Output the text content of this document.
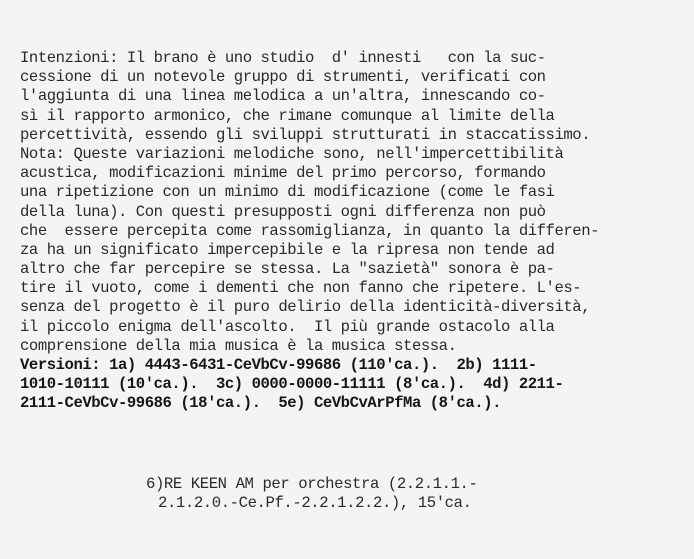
Intenzioni: Il brano è uno studio  d' innesti   con la suc-
cessione di un notevole gruppo di strumenti, verificati con
l'aggiunta di una linea melodica a un'altra, innescando co-
sì il rapporto armonico, che rimane comunque al limite della
percettività, essendo gli sviluppi strutturati in staccatissimo.
Nota: Queste variazioni melodiche sono, nell'impercettibilità
acustica, modificazioni minime del primo percorso, formando
una ripetizione con un minimo di modificazione (come le fasi
della luna). Con questi presupposti ogni differenza non può
che  essere percepita come rassomiglianza, in quanto la differen-
za ha un significato impercepibile e la ripresa non tende ad
altro che far percepire se stessa. La "sazietà" sonora è pa-
tire il vuoto, come i dementi che non fanno che ripetere. L'es-
senza del progetto è il puro delirio della identicità-diversità,
il piccolo enigma dell'ascolto.  Il più grande ostacolo alla
comprensione della mia musica è la musica stessa.
Versioni: 1a) 4443-6431-CeVbCv-99686 (110'ca.).  2b) 1111-
1010-10111 (10'ca.).  3c) 0000-0000-11111 (8'ca.).  4d) 2211-
2111-CeVbCv-99686 (18'ca.).  5e) CeVbCvArPfMa (8'ca.).
6)RE KEEN AM per orchestra (2.2.1.1.-
2.1.2.0.-Ce.Pf.-2.2.1.2.2.), 15'ca.
